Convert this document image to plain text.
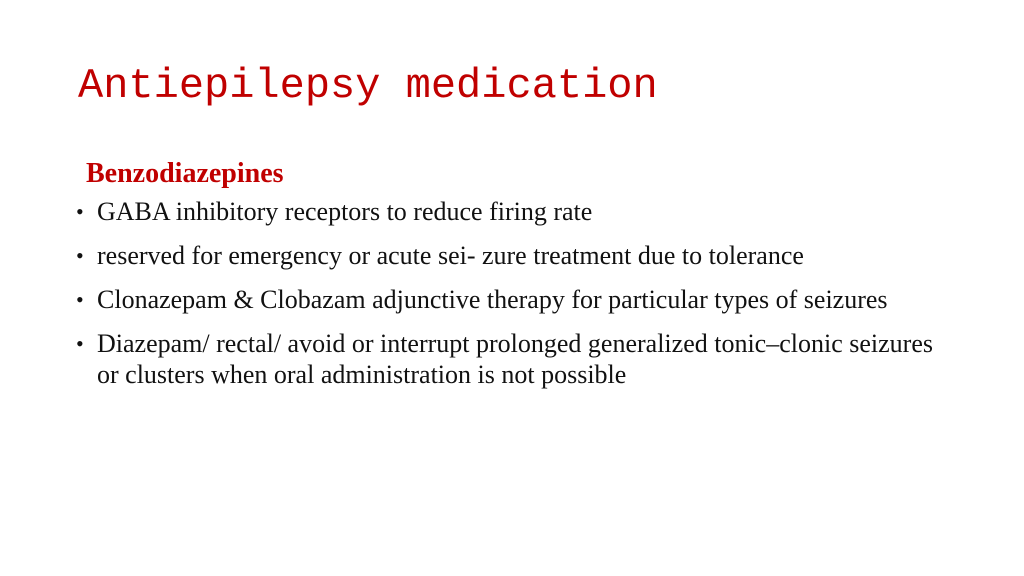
Antiepilepsy medication
Benzodiazepines
• GABA inhibitory receptors to reduce firing rate
• reserved for emergency or acute sei- zure treatment due to tolerance
• Clonazepam & Clobazam adjunctive therapy for particular types of seizures
• Diazepam/ rectal/ avoid or interrupt prolonged generalized tonic–clonic seizures or clusters when oral administration is not possible
